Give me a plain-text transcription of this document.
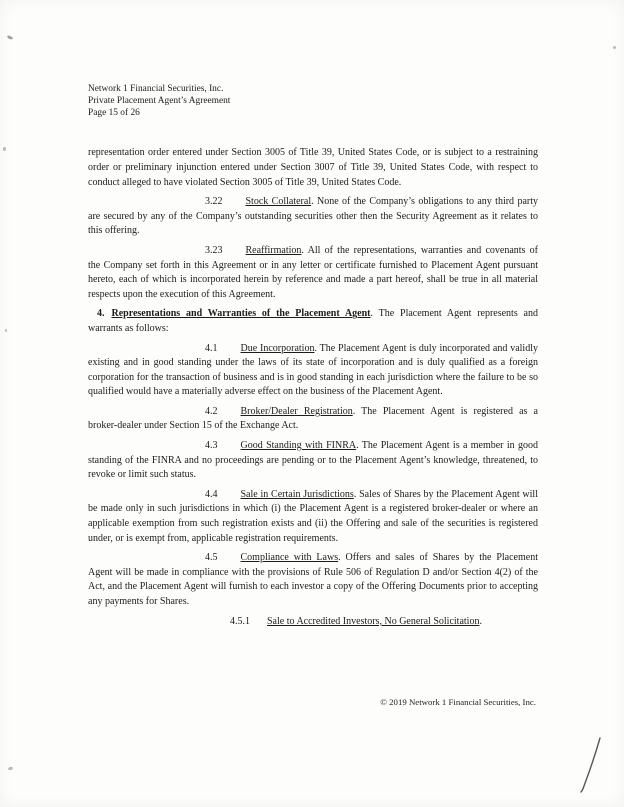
Network 1 Financial Securities, Inc.
Private Placement Agent’s Agreement
Page 15 of 26

representation order entered under Section 3005 of Title 39, United States Code, or is subject to a restraining order or preliminary injunction entered under Section 3007 of Title 39, United States Code, with respect to conduct alleged to have violated Section 3005 of Title 39, United States Code.

3.22 Stock Collateral. None of the Company’s obligations to any third party are secured by any of the Company’s outstanding securities other then the Security Agreement as it relates to this offering.

3.23 Reaffirmation. All of the representations, warranties and covenants of the Company set forth in this Agreement or in any letter or certificate furnished to Placement Agent pursuant hereto, each of which is incorporated herein by reference and made a part hereof, shall be true in all material respects upon the execution of this Agreement.

4. Representations and Warranties of the Placement Agent. The Placement Agent represents and warrants as follows:

4.1 Due Incorporation. The Placement Agent is duly incorporated and validly existing and in good standing under the laws of its state of incorporation and is duly qualified as a foreign corporation for the transaction of business and is in good standing in each jurisdiction where the failure to be so qualified would have a materially adverse effect on the business of the Placement Agent.

4.2 Broker/Dealer Registration. The Placement Agent is registered as a broker-dealer under Section 15 of the Exchange Act.

4.3 Good Standing with FINRA. The Placement Agent is a member in good standing of the FINRA and no proceedings are pending or to the Placement Agent’s knowledge, threatened, to revoke or limit such status.

4.4 Sale in Certain Jurisdictions. Sales of Shares by the Placement Agent will be made only in such jurisdictions in which (i) the Placement Agent is a registered broker-dealer or where an applicable exemption from such registration exists and (ii) the Offering and sale of the securities is registered under, or is exempt from, applicable registration requirements.

4.5 Compliance with Laws. Offers and sales of Shares by the Placement Agent will be made in compliance with the provisions of Rule 506 of Regulation D and/or Section 4(2) of the Act, and the Placement Agent will furnish to each investor a copy of the Offering Documents prior to accepting any payments for Shares.

4.5.1 Sale to Accredited Investors, No General Solicitation.

© 2019 Network 1 Financial Securities, Inc.
